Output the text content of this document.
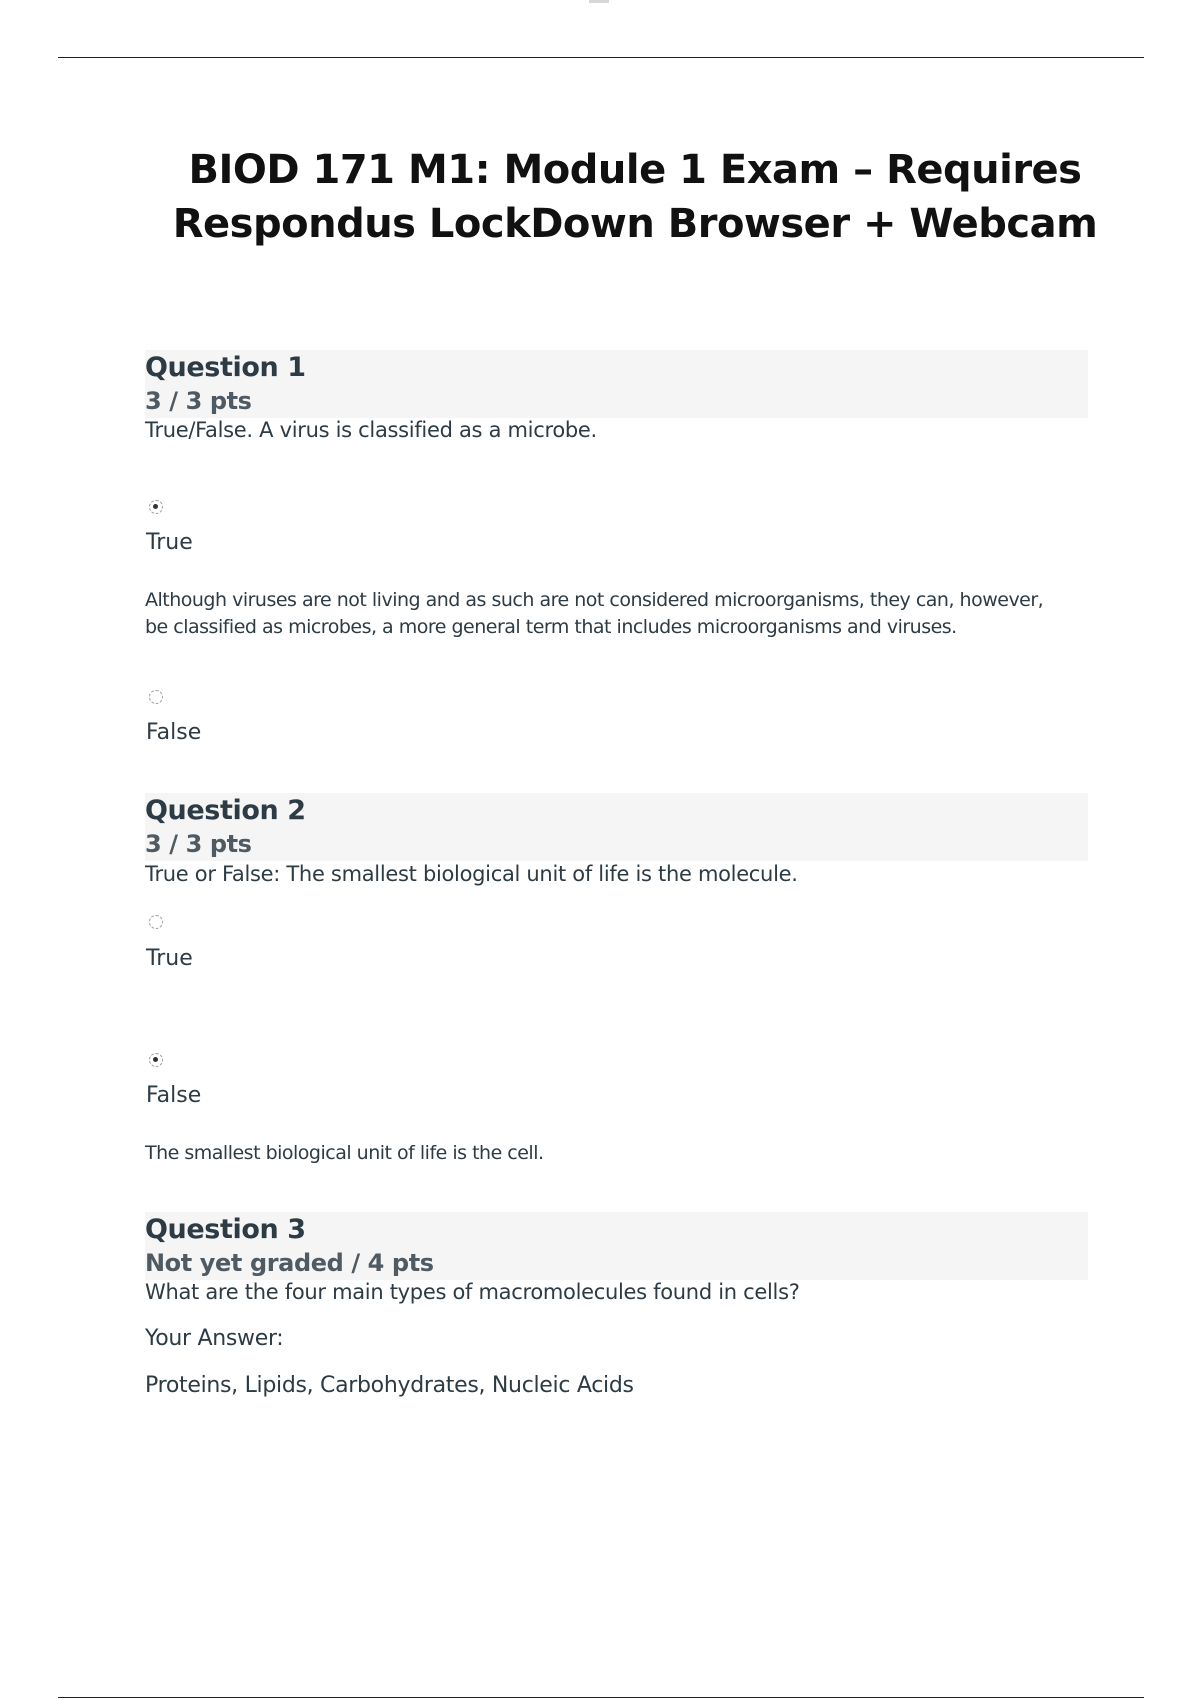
BIOD 171 M1: Module 1 Exam – Requires Respondus LockDown Browser + Webcam
Question 1
3 / 3 pts
True/False. A virus is classified as a microbe.
True
Although viruses are not living and as such are not considered microorganisms, they can, however, be classified as microbes, a more general term that includes microorganisms and viruses.
False
Question 2
3 / 3 pts
True or False: The smallest biological unit of life is the molecule.
True
False
The smallest biological unit of life is the cell.
Question 3
Not yet graded / 4 pts
What are the four main types of macromolecules found in cells?
Your Answer:
Proteins, Lipids, Carbohydrates, Nucleic Acids
